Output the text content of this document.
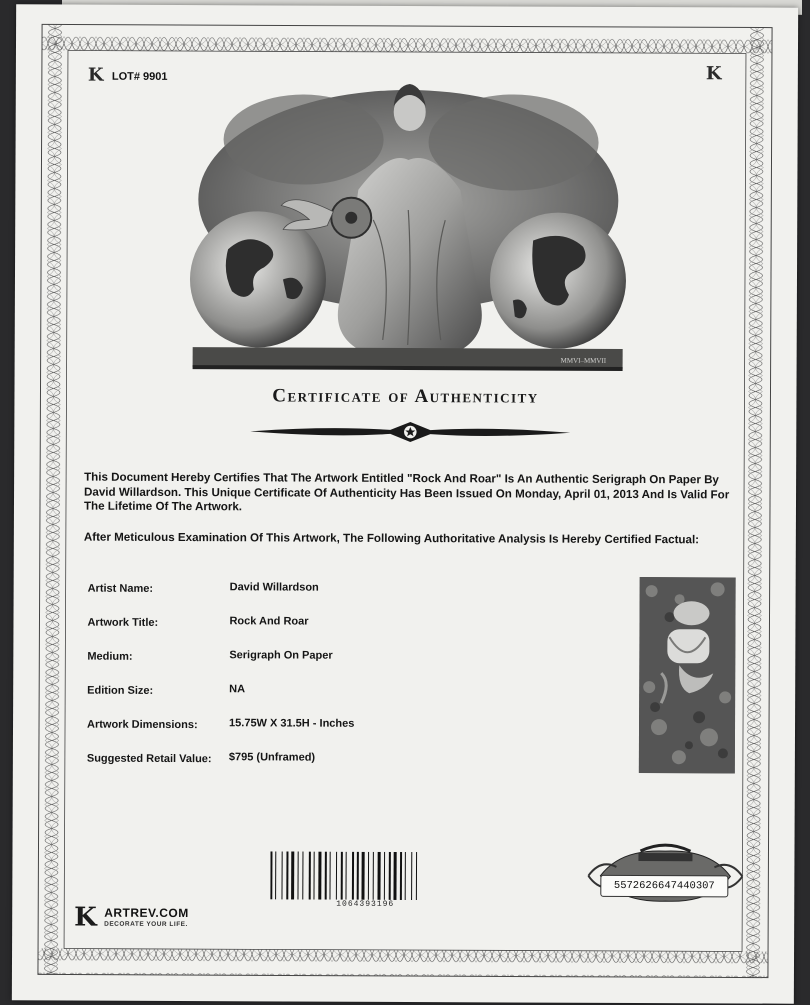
K	K
LOT# 9901
MMVI–MMVII
Certificate of Authenticity
This Document Hereby Certifies That The Artwork Entitled "Rock And Roar" Is An Authentic Serigraph On Paper By David Willardson. This Unique Certificate Of Authenticity Has Been Issued On Monday, April 01, 2013 And Is Valid For The Lifetime Of The Artwork.
After Meticulous Examination Of This Artwork, The Following Authoritative Analysis Is Hereby Certified Factual:
Artist Name:	David Willardson
Artwork Title:	Rock And Roar
Medium:	Serigraph On Paper
Edition Size:	NA
Artwork Dimensions:	15.75W X 31.5H - Inches
Suggested Retail Value:	$795 (Unframed)
1064393196
5572626647440307
K ARTREV.COM
DECORATE YOUR LIFE.
